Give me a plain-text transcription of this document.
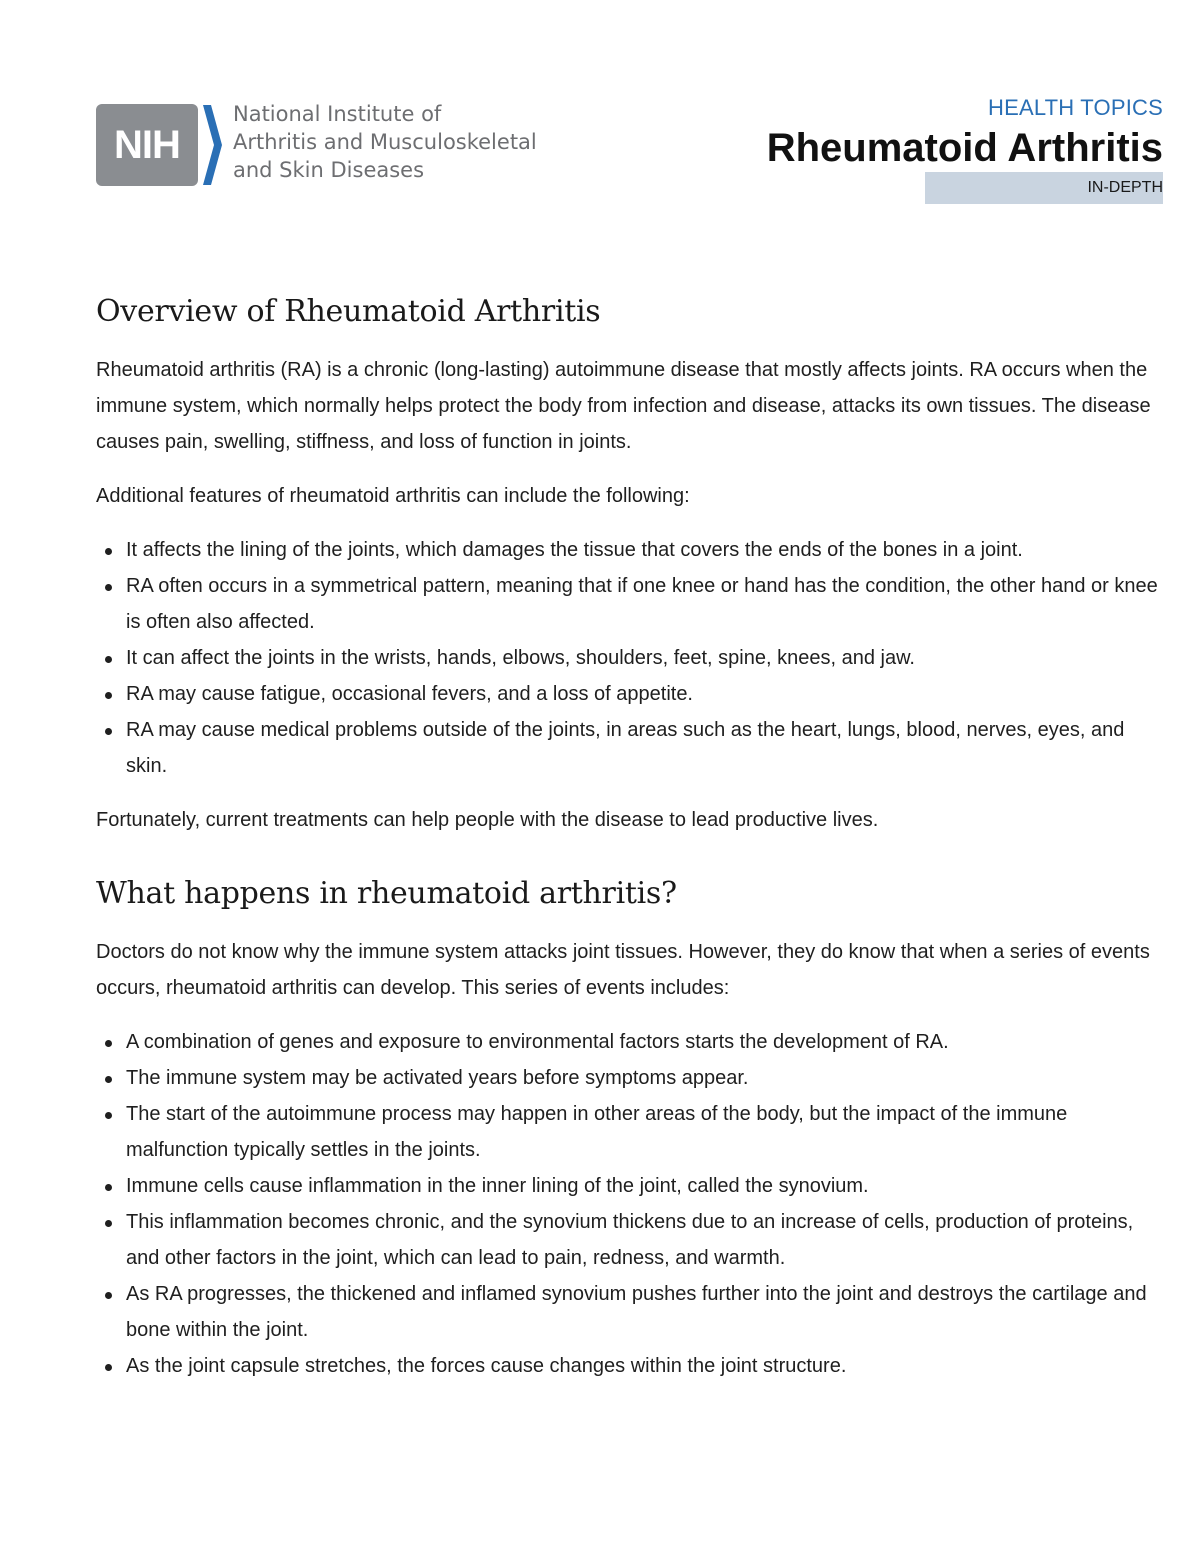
NIH
National Institute of
Arthritis and Musculoskeletal
and Skin Diseases
HEALTH TOPICS
Rheumatoid Arthritis
IN-DEPTH
Overview of Rheumatoid Arthritis

Rheumatoid arthritis (RA) is a chronic (long-lasting) autoimmune disease that mostly affects joints. RA occurs when the immune system, which normally helps protect the body from infection and disease, attacks its own tissues. The disease causes pain, swelling, stiffness, and loss of function in joints.

Additional features of rheumatoid arthritis can include the following:

It affects the lining of the joints, which damages the tissue that covers the ends of the bones in a joint.
RA often occurs in a symmetrical pattern, meaning that if one knee or hand has the condition, the other hand or knee is often also affected.
It can affect the joints in the wrists, hands, elbows, shoulders, feet, spine, knees, and jaw.
RA may cause fatigue, occasional fevers, and a loss of appetite.
RA may cause medical problems outside of the joints, in areas such as the heart, lungs, blood, nerves, eyes, and skin.

Fortunately, current treatments can help people with the disease to lead productive lives.

What happens in rheumatoid arthritis?

Doctors do not know why the immune system attacks joint tissues. However, they do know that when a series of events occurs, rheumatoid arthritis can develop. This series of events includes:

A combination of genes and exposure to environmental factors starts the development of RA.
The immune system may be activated years before symptoms appear.
The start of the autoimmune process may happen in other areas of the body, but the impact of the immune malfunction typically settles in the joints.
Immune cells cause inflammation in the inner lining of the joint, called the synovium.
This inflammation becomes chronic, and the synovium thickens due to an increase of cells, production of proteins, and other factors in the joint, which can lead to pain, redness, and warmth.
As RA progresses, the thickened and inflamed synovium pushes further into the joint and destroys the cartilage and bone within the joint.
As the joint capsule stretches, the forces cause changes within the joint structure.
